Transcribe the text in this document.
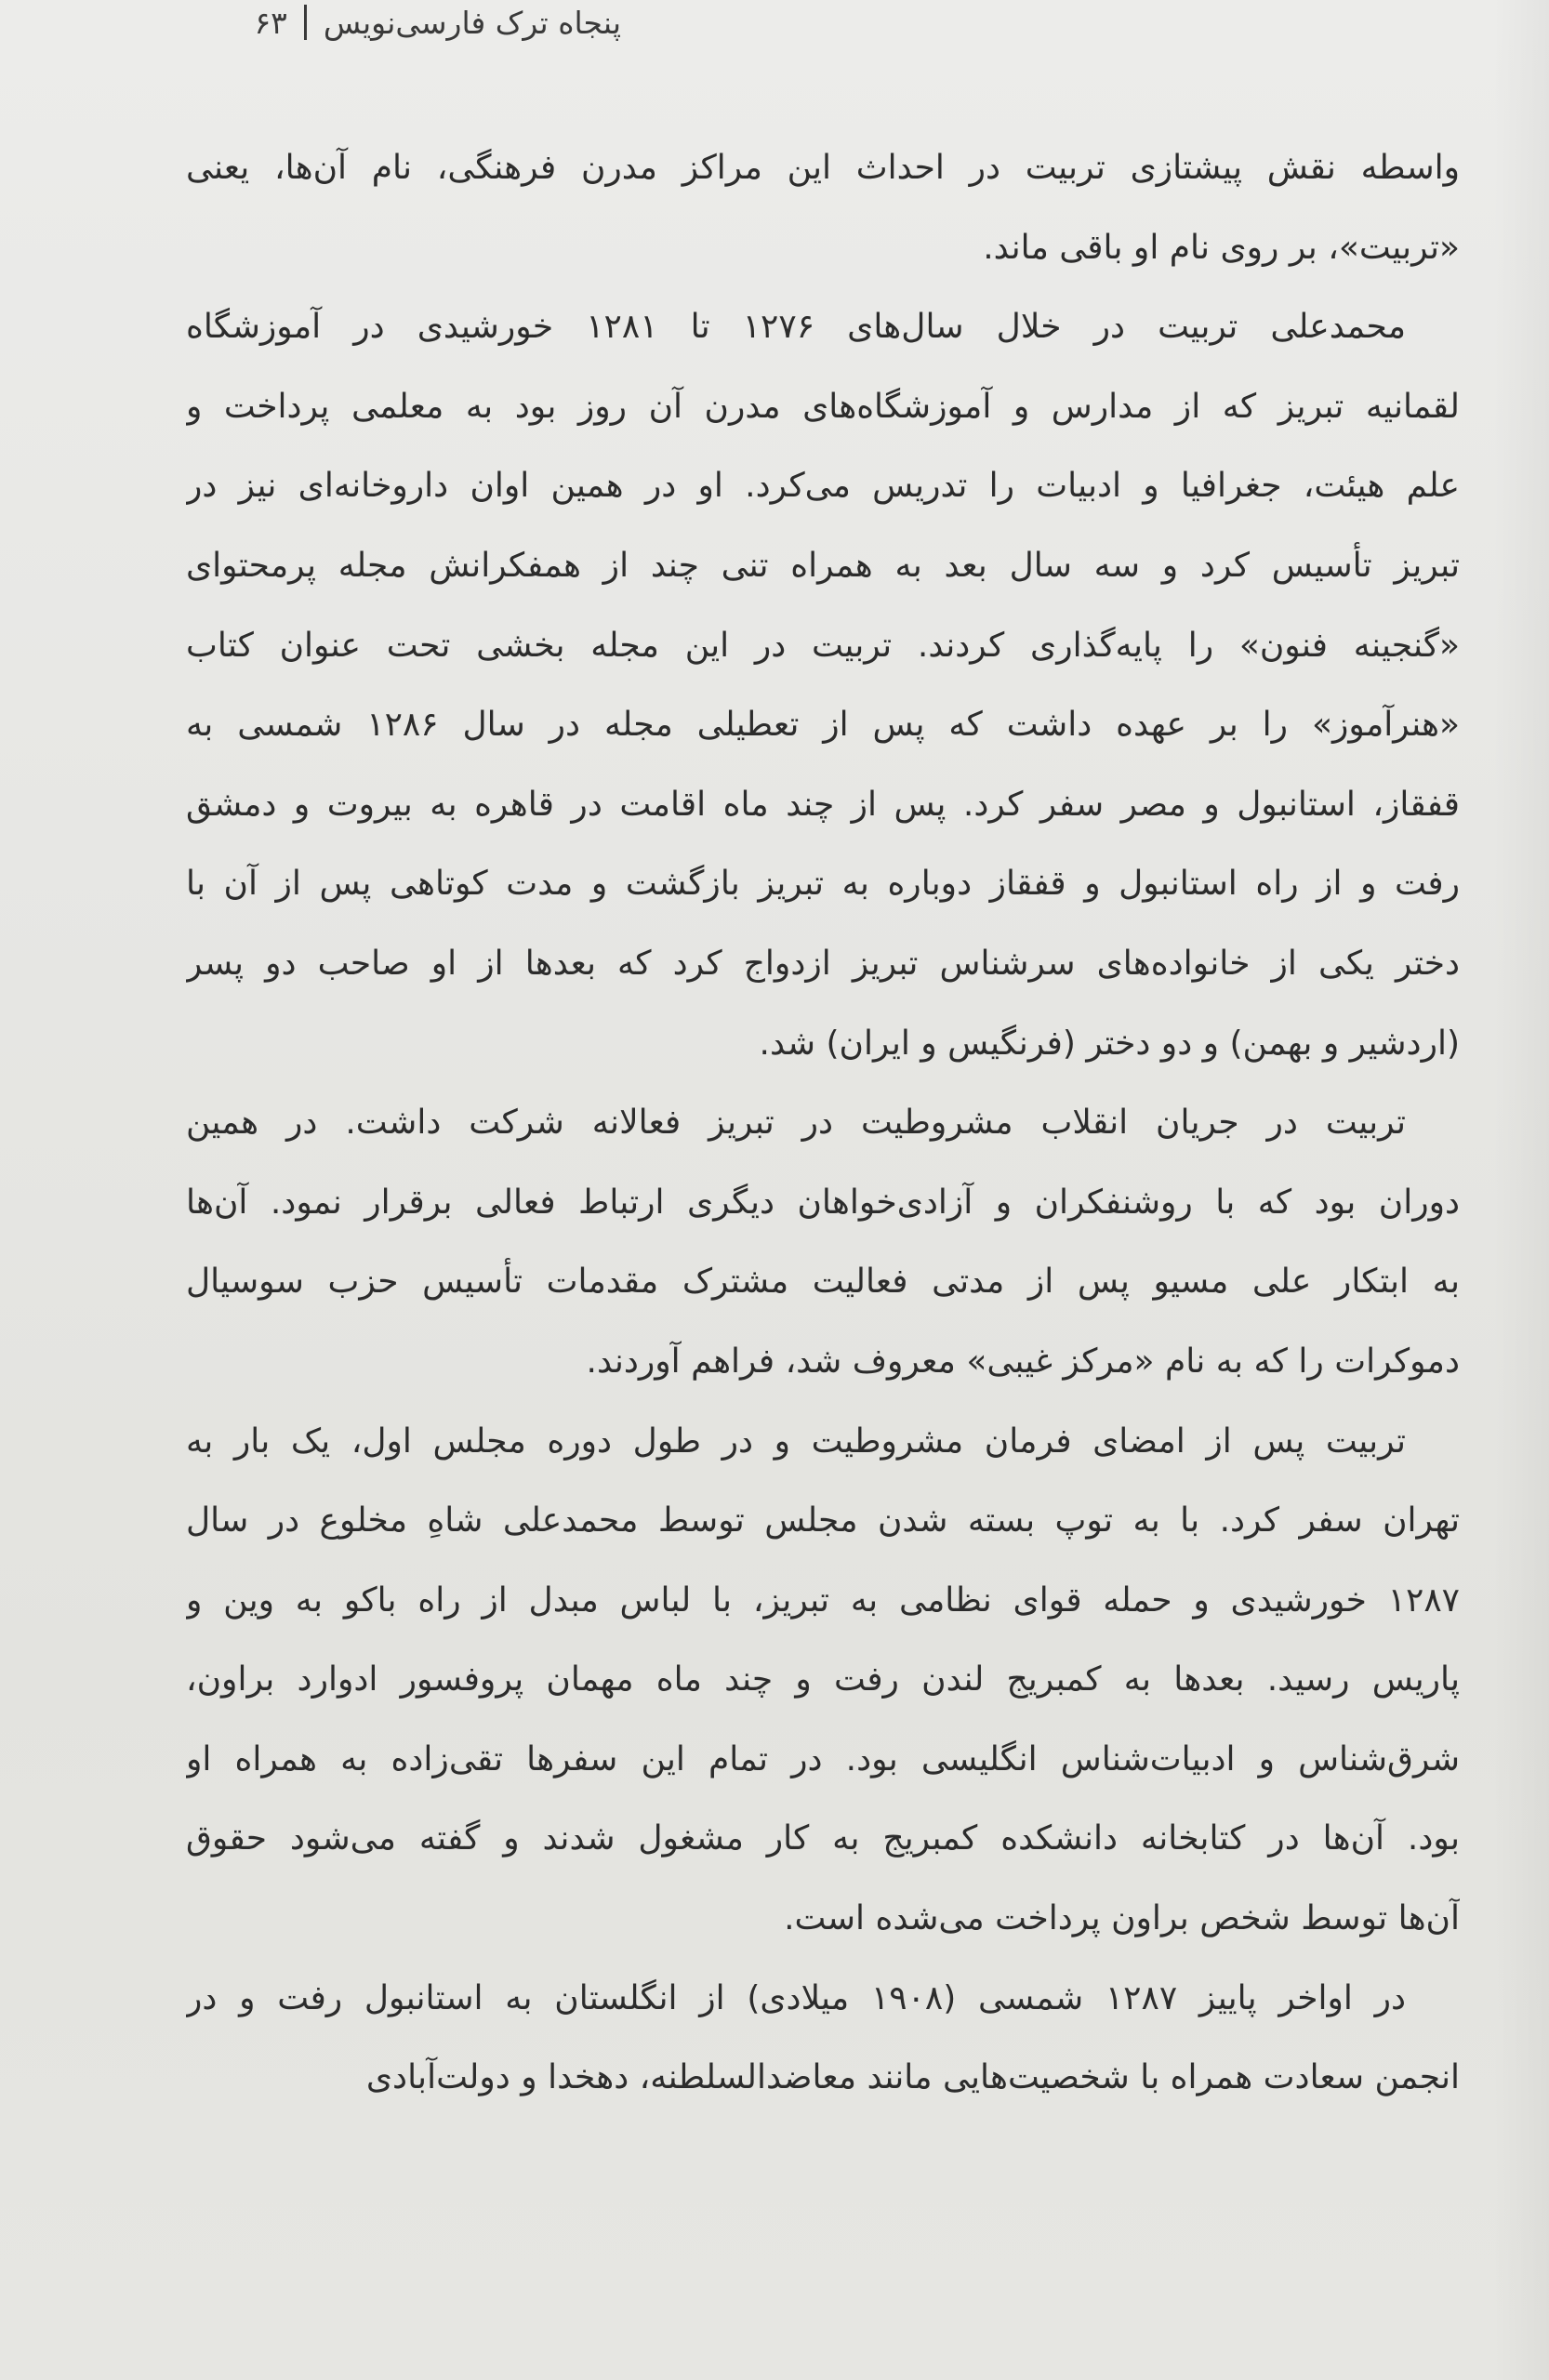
پنجاه ترک فارسی‌نویس
۶۳
واسطه نقش پیشتازی تربیت در احداث این مراکز مدرن فرهنگی، نام آن‌ها، یعنی
«تربیت»، بر روی نام او باقی ماند.
محمدعلی تربیت در خلال سال‌های ۱۲۷۶ تا ۱۲۸۱ خورشیدی در آموزشگاه
لقمانیه تبریز که از مدارس و آموزشگاه‌های مدرن آن روز بود به معلمی پرداخت و
علم هیئت، جغرافیا و ادبیات را تدریس می‌کرد. او در همین اوان داروخانه‌ای نیز در
تبریز تأسیس کرد و سه سال بعد به همراه تنی چند از همفکرانش مجله پرمحتوای
«گنجینه فنون» را پایه‌گذاری کردند. تربیت در این مجله بخشی تحت عنوان کتاب
«هنرآموز» را بر عهده داشت که پس از تعطیلی مجله در سال ۱۲۸۶ شمسی به
قفقاز، استانبول و مصر سفر کرد. پس از چند ماه اقامت در قاهره به بیروت و دمشق
رفت و از راه استانبول و قفقاز دوباره به تبریز بازگشت و مدت کوتاهی پس از آن با
دختر یکی از خانواده‌های سرشناس تبریز ازدواج کرد که بعدها از او صاحب دو پسر
(اردشیر و بهمن) و دو دختر (فرنگیس و ایران) شد.
تربیت در جریان انقلاب مشروطیت در تبریز فعالانه شرکت داشت. در همین
دوران بود که با روشنفکران و آزادی‌خواهان دیگری ارتباط فعالی برقرار نمود. آن‌ها
به ابتکار علی مسیو پس از مدتی فعالیت مشترک مقدمات تأسیس حزب سوسیال
دموکرات را که به نام «مرکز غیبی» معروف شد، فراهم آوردند.
تربیت پس از امضای فرمان مشروطیت و در طول دوره مجلس اول، یک بار به
تهران سفر کرد. با به توپ بسته شدن مجلس توسط محمدعلی شاهِ مخلوع در سال
۱۲۸۷ خورشیدی و حمله قوای نظامی به تبریز، با لباس مبدل از راه باکو به وین و
پاریس رسید. بعدها به کمبریج لندن رفت و چند ماه مهمان پروفسور ادوارد براون،
شرق‌شناس و ادبیات‌شناس انگلیسی بود. در تمام این سفرها تقی‌زاده به همراه او
بود. آن‌ها در کتابخانه دانشکده کمبریج به کار مشغول شدند و گفته می‌شود حقوق
آن‌ها توسط شخص براون پرداخت می‌شده است.
در اواخر پاییز ۱۲۸۷ شمسی (۱۹۰۸ میلادی) از انگلستان به استانبول رفت و در
انجمن سعادت همراه با شخصیت‌هایی مانند معاضدالسلطنه، دهخدا و دولت‌آبادی
